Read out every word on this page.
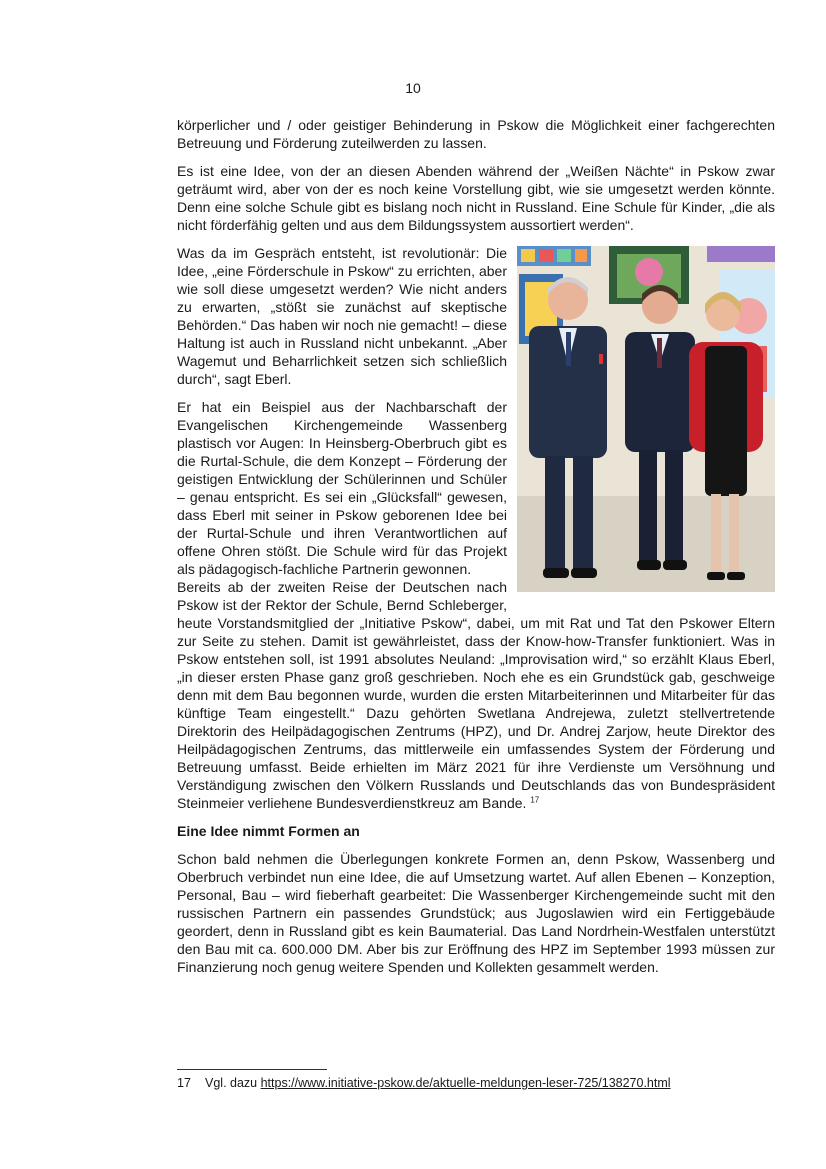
10

körperlicher und / oder geistiger Behinderung in Pskow die Möglichkeit einer fachgerechten Betreuung und Förderung zuteilwerden zu lassen.

Es ist eine Idee, von der an diesen Abenden während der „Weißen Nächte“ in Pskow zwar geträumt wird, aber von der es noch keine Vorstellung gibt, wie sie umgesetzt werden könnte. Denn eine solche Schule gibt es bislang noch nicht in Russland. Eine Schule für Kinder, „die als nicht förderfähig gelten und aus dem Bildungssystem aussortiert werden“.

Was da im Gespräch entsteht, ist revolutionär: Die Idee, „eine Förderschule in Pskow“ zu errichten, aber wie soll diese umgesetzt werden? Wie nicht anders zu erwarten, „stößt sie zunächst auf skeptische Behörden.“ Das haben wir noch nie gemacht! – diese Haltung ist auch in Russland nicht unbekannt. „Aber Wagemut und Beharrlichkeit setzen sich schließlich durch“, sagt Eberl.

Er hat ein Beispiel aus der Nachbarschaft der Evangelischen Kirchengemeinde Wassenberg plastisch vor Augen: In Heinsberg-Oberbruch gibt es die Rurtal-Schule, die dem Konzept – Förderung der geistigen Entwicklung der Schülerinnen und Schüler – genau entspricht. Es sei ein „Glücksfall“ gewesen, dass Eberl mit seiner in Pskow geborenen Idee bei der Rurtal-Schule und ihren Verantwortlichen auf offene Ohren stößt. Die Schule wird für das Projekt als pädagogisch-fachliche Partnerin gewonnen.

Bereits ab der zweiten Reise der Deutschen nach Pskow ist der Rektor der Schule, Bernd Schleberger, heute Vorstandsmitglied der „Initiative Pskow“, dabei, um mit Rat und Tat den Pskower Eltern zur Seite zu stehen. Damit ist gewährleistet, dass der Know-how-Transfer funktioniert. Was in Pskow entstehen soll, ist 1991 absolutes Neuland: „Improvisation wird,“ so erzählt Klaus Eberl, „in dieser ersten Phase ganz groß geschrieben. Noch ehe es ein Grundstück gab, geschweige denn mit dem Bau begonnen wurde, wurden die ersten Mitarbeiterinnen und Mitarbeiter für das künftige Team eingestellt.“ Dazu gehörten Swetlana Andrejewa, zuletzt stellvertretende Direktorin des Heilpädagogischen Zentrums (HPZ), und Dr. Andrej Zarjow, heute Direktor des Heilpädagogischen Zentrums, das mittlerweile ein umfassendes System der Förderung und Betreuung umfasst. Beide erhielten im März 2021 für ihre Verdienste um Versöhnung und Verständigung zwischen den Völkern Russlands und Deutschlands das von Bundespräsident Steinmeier verliehene Bundesverdienstkreuz am Bande. $^{17}$

Eine Idee nimmt Formen an

Schon bald nehmen die Überlegungen konkrete Formen an, denn Pskow, Wassenberg und Oberbruch verbindet nun eine Idee, die auf Umsetzung wartet. Auf allen Ebenen – Konzeption, Personal, Bau – wird fieberhaft gearbeitet: Die Wassenberger Kirchengemeinde sucht mit den russischen Partnern ein passendes Grundstück; aus Jugoslawien wird ein Fertiggebäude geordert, denn in Russland gibt es kein Baumaterial. Das Land Nordrhein-Westfalen unterstützt den Bau mit ca. 600.000 DM. Aber bis zur Eröffnung des HPZ im September 1993 müssen zur Finanzierung noch genug weitere Spenden und Kollekten gesammelt werden.

17 Vgl. dazu https://www.initiative-pskow.de/aktuelle-meldungen-leser-725/138270.html
